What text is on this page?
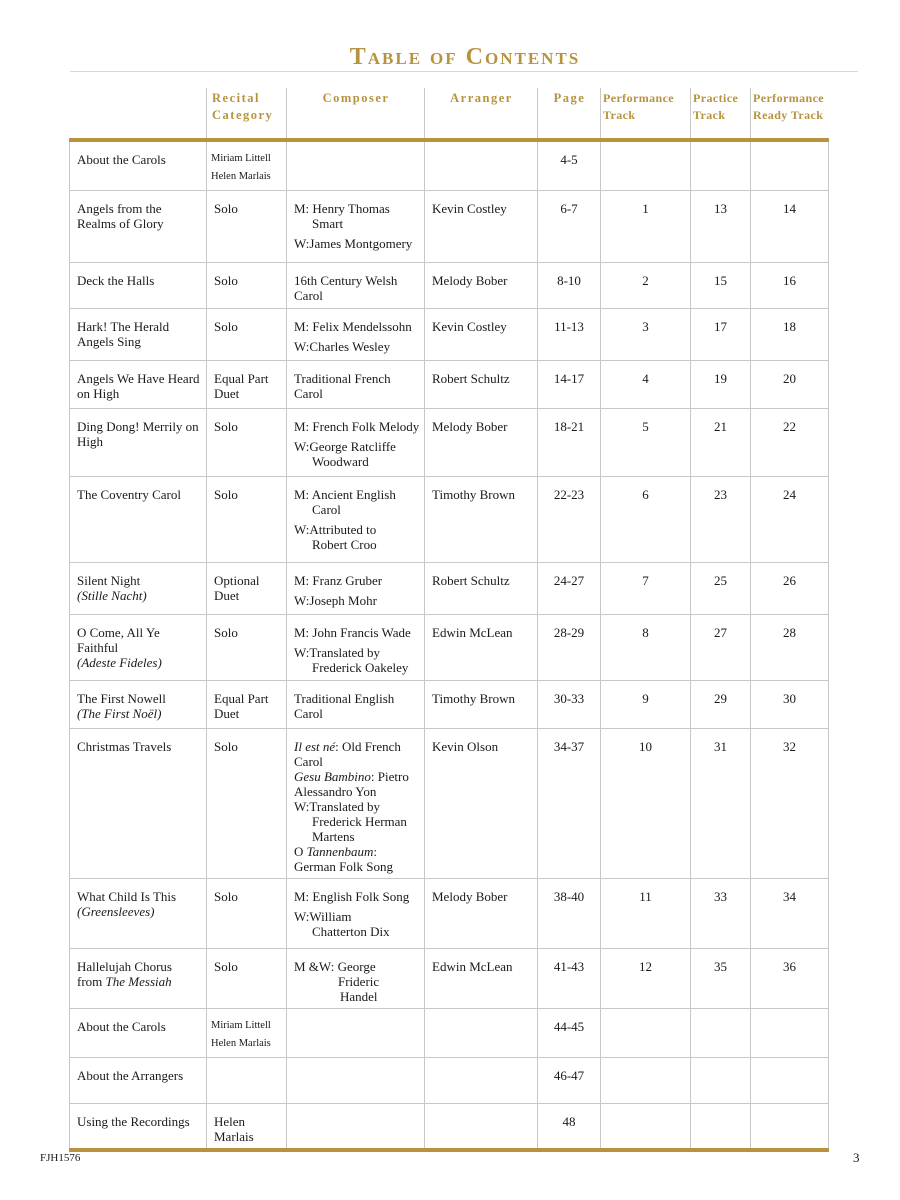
Table of Contents
	Recital Category	Composer	Arranger	Page	Performance Track	Practice Track	Performance Ready Track
About the Carols	Miriam Littell
Helen Marlais			4-5			
Angels from the Realms of Glory	Solo	M: Henry Thomas
Smart
W:James Montgomery	Kevin Costley	6-7	1	13	14
Deck the Halls	Solo	16th Century Welsh Carol	Melody Bober	8-10	2	15	16
Hark! The Herald Angels Sing	Solo	M: Felix Mendelssohn
W:Charles Wesley	Kevin Costley	11-13	3	17	18
Angels We Have Heard on High	Equal Part Duet	Traditional French Carol	Robert Schultz	14-17	4	19	20
Ding Dong! Merrily on High	Solo	M: French Folk Melody
W:George Ratcliffe
Woodward	Melody Bober	18-21	5	21	22
The Coventry Carol	Solo	M: Ancient English
Carol
W:Attributed to
Robert Croo	Timothy Brown	22-23	6	23	24

Silent Night
(Stille Nacht)	Optional Duet	M: Franz Gruber
W:Joseph Mohr	Robert Schultz	24-27	7	25	26

O Come, All Ye Faithful
(Adeste Fideles)	Solo	M: John Francis Wade
W:Translated by
Frederick Oakeley	Edwin McLean	28-29	8	27	28

The First Nowell
(The First Noël)	Equal Part Duet	Traditional English Carol	Timothy Brown	30-33	9	29	30
Christmas Travels	Solo	Il est né: Old French Carol
Gesu Bambino: Pietro Alessandro Yon
W:Translated by
Frederick Herman Martens
O Tannenbaum: German Folk Song	Kevin Olson	34-37	10	31	32

What Child Is This
(Greensleeves)	Solo	M: English Folk Song
W:William
Chatterton Dix	Melody Bober	38-40	11	33	34

Hallelujah Chorus
from The Messiah	Solo	M &W: George
Frideric
Handel	Edwin McLean	41-43	12	35	36
About the Carols	Miriam Littell
Helen Marlais			44-45			
About the Arrangers				46-47			
Using the Recordings	Helen Marlais			48			
FJH1576	3
